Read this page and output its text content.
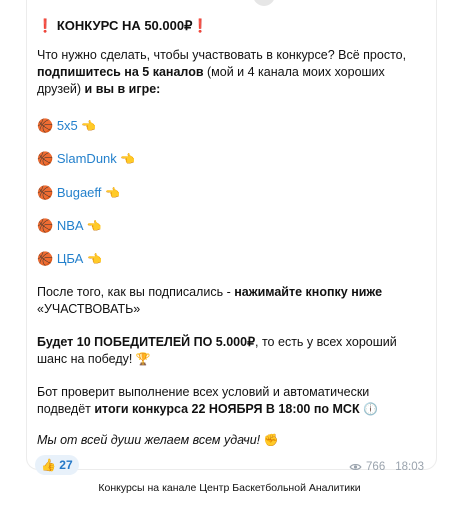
❗ КОНКУРС НА 50.000₽❗
Что нужно сделать, чтобы участвовать в конкурсе? Всё просто,
подпишитесь на 5 каналов (мой и 4 канала моих хороших друзей) и вы в игре:
🏀 5x5 👈
🏀 SlamDunk 👈
🏀 Bugaeff 👈
🏀 NBA 👈
🏀 ЦБА 👈
После того, как вы подписались - нажимайте кнопку ниже
«УЧАСТВОВАТЬ»
Будет 10 ПОБЕДИТЕЛЕЙ ПО 5.000₽, то есть у всех хороший шанс на победу! 🏆
Бот проверит выполнение всех условий и автоматически подведёт итоги конкурса 22 НОЯБРЯ В 18:00 по МСК 🕕
Мы от всей души желаем всем удачи! ✊
👍 27	766 18:03
Конкурсы на канале Центр Баскетбольной Аналитики
